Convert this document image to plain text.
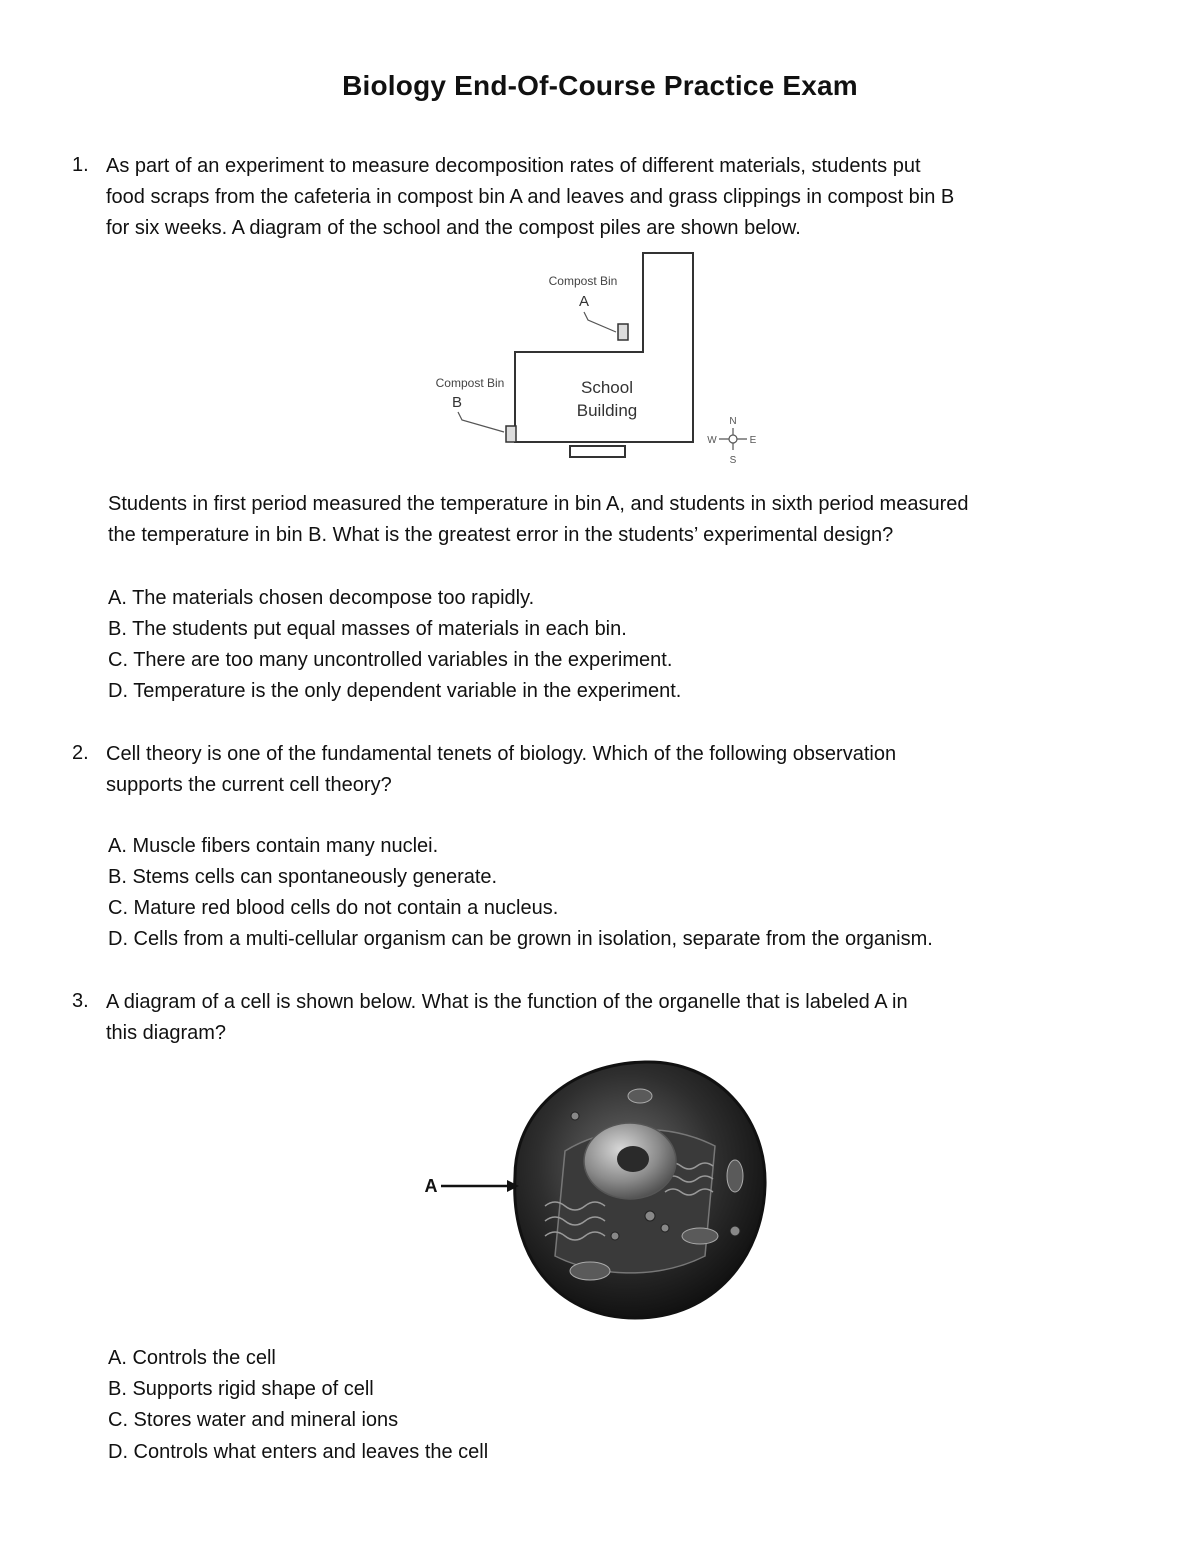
Biology End-Of-Course Practice Exam
1. As part of an experiment to measure decomposition rates of different materials, students put
food scraps from the cafeteria in compost bin A and leaves and grass clippings in compost bin B
for six weeks. A diagram of the school and the compost piles are shown below.

Compost Bin
A
Compost Bin
B
School
Building
N
S
W	E

Students in first period measured the temperature in bin A, and students in sixth period measured
the temperature in bin B. What is the greatest error in the students’ experimental design?

A. The materials chosen decompose too rapidly.
B. The students put equal masses of materials in each bin.
C. There are too many uncontrolled variables in the experiment.
D. Temperature is the only dependent variable in the experiment.
2. Cell theory is one of the fundamental tenets of biology. Which of the following observation
supports the current cell theory?

A. Muscle fibers contain many nuclei.
B. Stems cells can spontaneously generate.
C. Mature red blood cells do not contain a nucleus.
D. Cells from a multi-cellular organism can be grown in isolation, separate from the organism.
3. A diagram of a cell is shown below. What is the function of the organelle that is labeled A in
this diagram?

A
A. Controls the cell
B. Supports rigid shape of cell
C. Stores water and mineral ions
D. Controls what enters and leaves the cell
